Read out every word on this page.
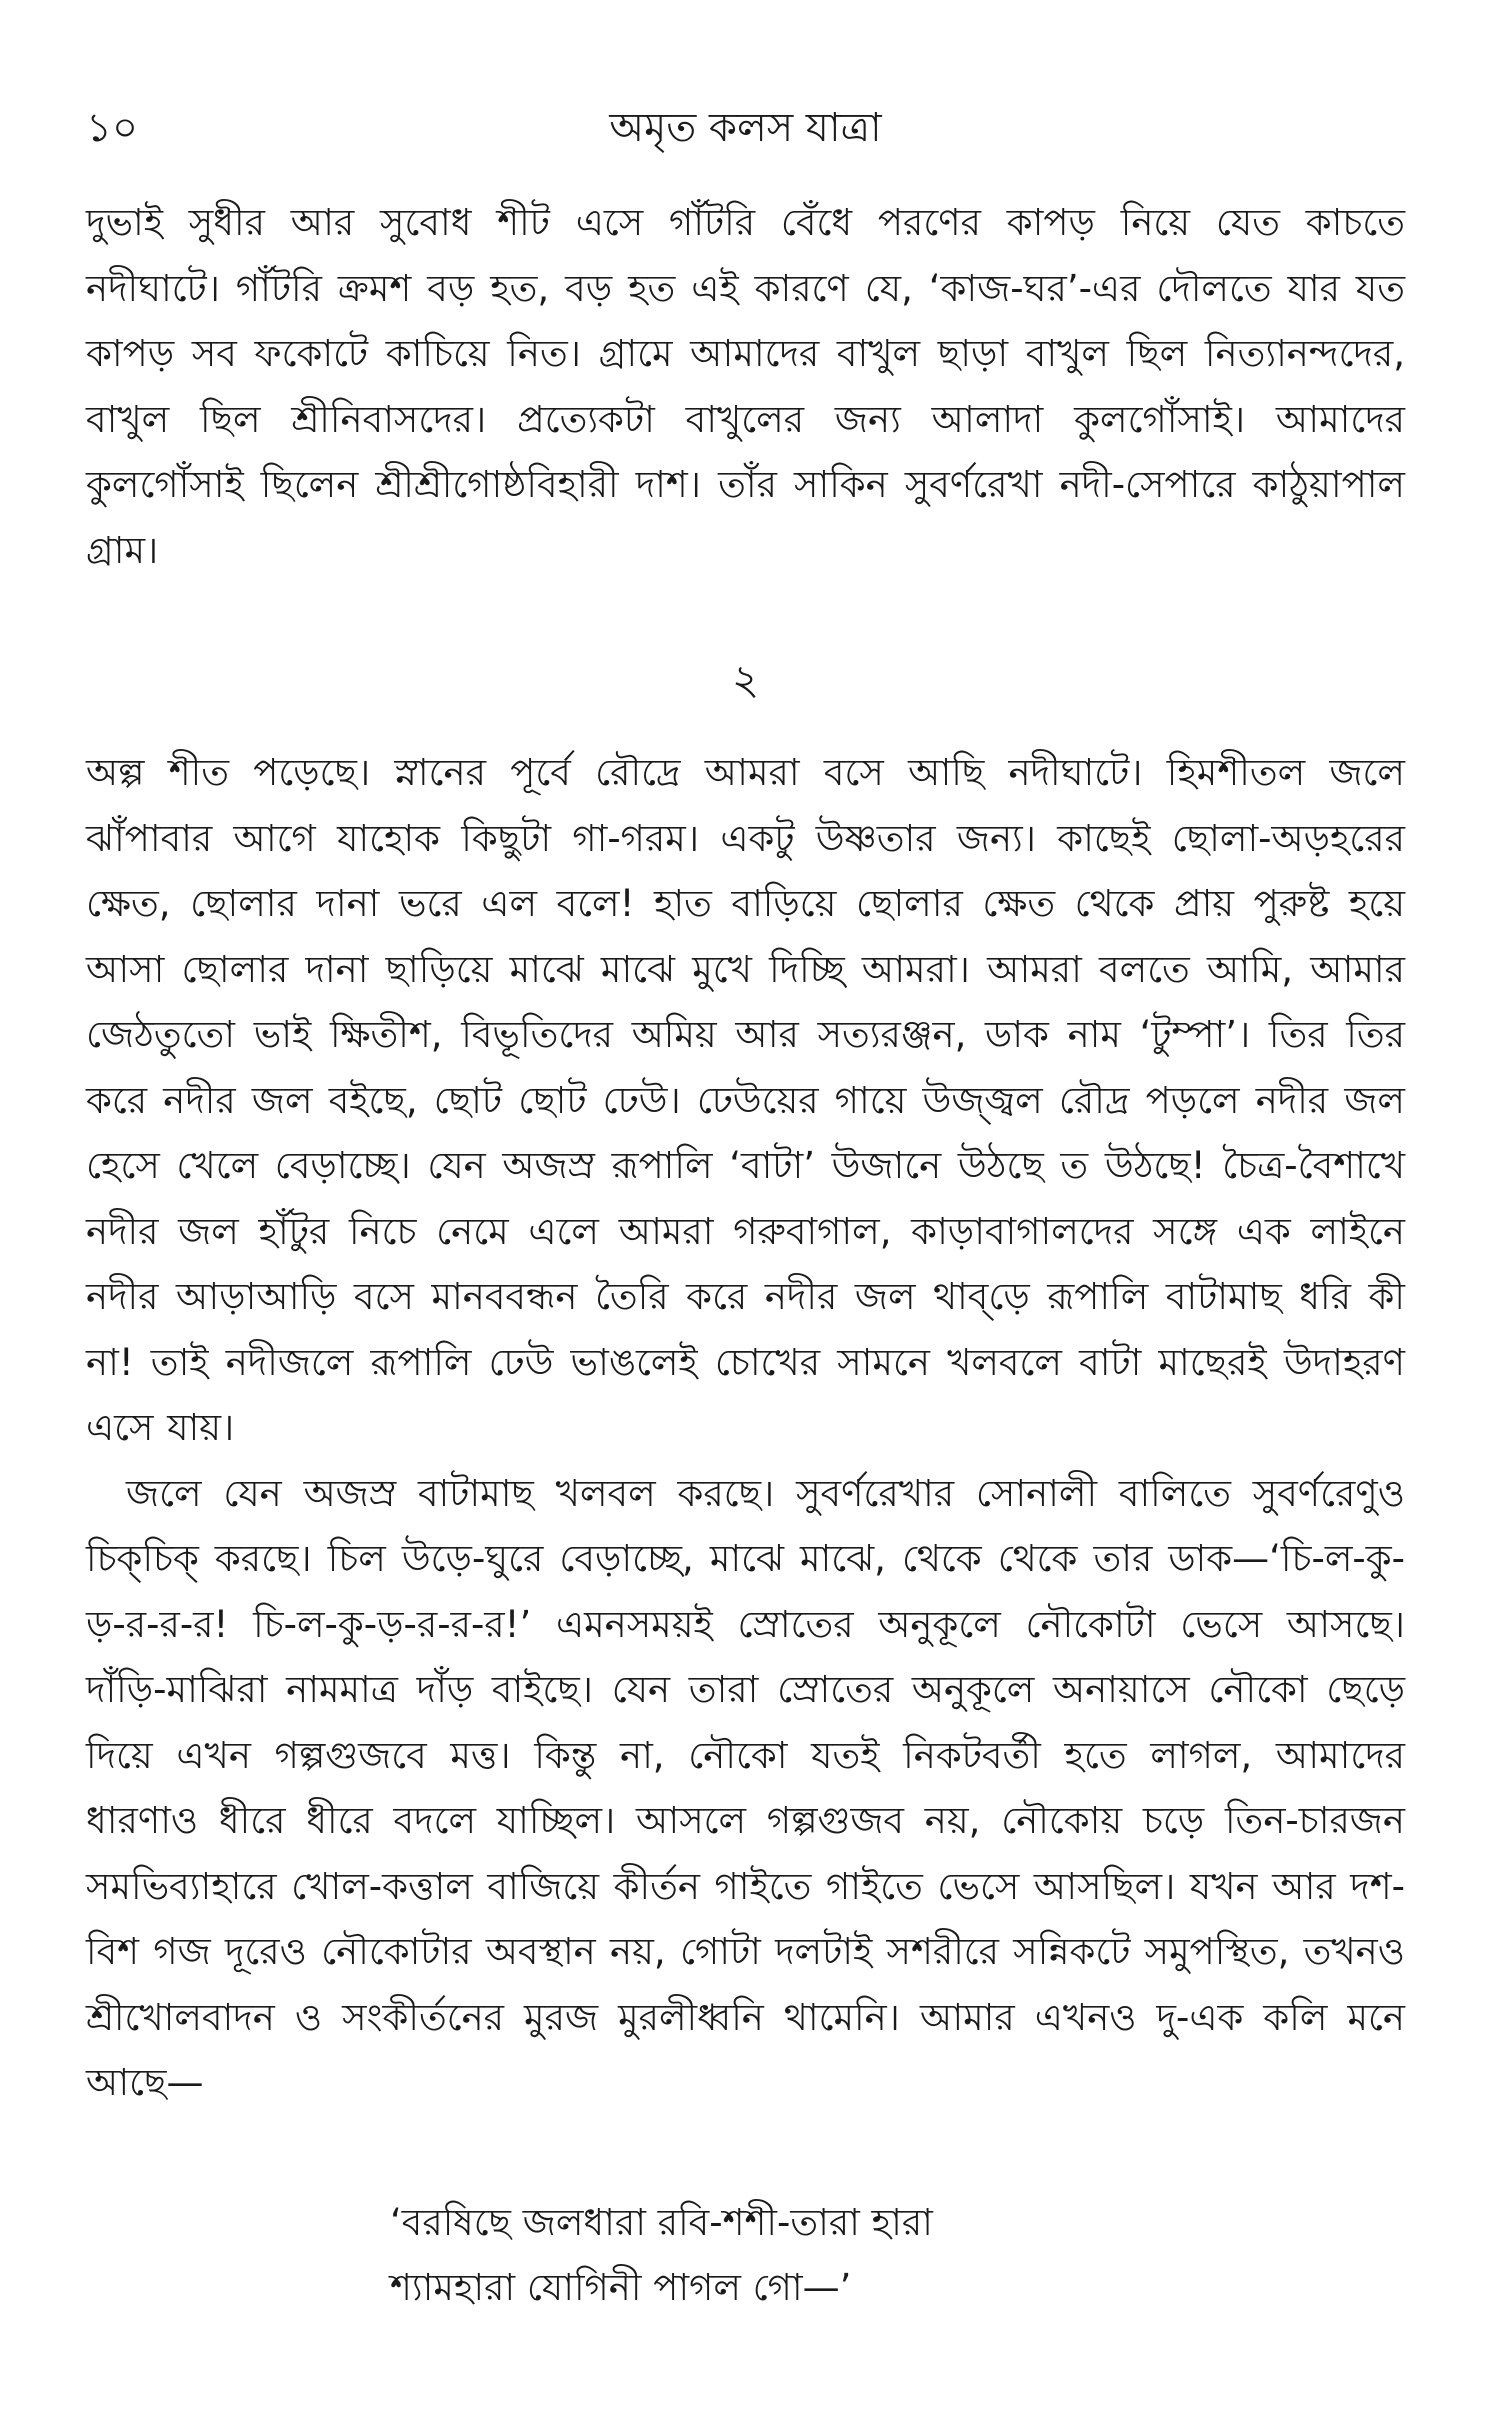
১০	অমৃত কলস যাত্রা

দুভাই সুধীর আর সুবোধ শীট এসে গাঁটরি বেঁধে পরণের কাপড় নিয়ে যেত কাচতে নদীঘাটে। গাঁটরি ক্রমশ বড় হত, বড় হত এই কারণে যে, ‘কাজ-ঘর’-এর দৌলতে যার যত কাপড় সব ফকোটে কাচিয়ে নিত। গ্রামে আমাদের বাখুল ছাড়া বাখুল ছিল নিত্যানন্দদের, বাখুল ছিল শ্রীনিবাসদের। প্রত্যেকটা বাখুলের জন্য আলাদা কুলগোঁসাই। আমাদের কুলগোঁসাই ছিলেন শ্রীশ্রীগোষ্ঠবিহারী দাশ। তাঁর সাকিন সুবর্ণরেখা নদী-সেপারে কাঠুয়াপাল গ্রাম।

২

অল্প শীত পড়েছে। স্নানের পূর্বে রৌদ্রে আমরা বসে আছি নদীঘাটে। হিমশীতল জলে ঝাঁপাবার আগে যাহোক কিছুটা গা-গরম। একটু উষ্ণতার জন্য। কাছেই ছোলা-অড়হরের ক্ষেত, ছোলার দানা ভরে এল বলে! হাত বাড়িয়ে ছোলার ক্ষেত থেকে প্রায় পুরুষ্ট হয়ে আসা ছোলার দানা ছাড়িয়ে মাঝে মাঝে মুখে দিচ্ছি আমরা। আমরা বলতে আমি, আমার জেঠতুতো ভাই ক্ষিতীশ, বিভূতিদের অমিয় আর সত্যরঞ্জন, ডাক নাম ‘টুম্পা’। তির তির করে নদীর জল বইছে, ছোট ছোট ঢেউ। ঢেউয়ের গায়ে উজ্জ্বল রৌদ্র পড়লে নদীর জল হেসে খেলে বেড়াচ্ছে। যেন অজস্র রূপালি ‘বাটা’ উজানে উঠছে ত উঠছে! চৈত্র-বৈশাখে নদীর জল হাঁটুর নিচে নেমে এলে আমরা গরুবাগাল, কাড়াবাগালদের সঙ্গে এক লাইনে নদীর আড়াআড়ি বসে মানববন্ধন তৈরি করে নদীর জল থাব্‌ড়ে রূপালি বাটামাছ ধরি কী না! তাই নদীজলে রূপালি ঢেউ ভাঙলেই চোখের সামনে খলবলে বাটা মাছেরই উদাহরণ এসে যায়।

জলে যেন অজস্র বাটামাছ খলবল করছে। সুবর্ণরেখার সোনালী বালিতে সুবর্ণরেণুও চিক্‌চিক্‌ করছে। চিল উড়ে-ঘুরে বেড়াচ্ছে, মাঝে মাঝে, থেকে থেকে তার ডাক—‘চি-ল-কু-ড়-র-র-র! চি-ল-কু-ড়-র-র-র!’ এমনসময়ই স্রোতের অনুকূলে নৌকোটা ভেসে আসছে। দাঁড়ি-মাঝিরা নামমাত্র দাঁড় বাইছে। যেন তারা স্রোতের অনুকূলে অনায়াসে নৌকো ছেড়ে দিয়ে এখন গল্পগুজবে মত্ত। কিন্তু না, নৌকো যতই নিকটবর্তী হতে লাগল, আমাদের ধারণাও ধীরে ধীরে বদলে যাচ্ছিল। আসলে গল্পগুজব নয়, নৌকোয় চড়ে তিন-চারজন সমভিব্যাহারে খোল-কত্তাল বাজিয়ে কীর্তন গাইতে গাইতে ভেসে আসছিল। যখন আর দশ-বিশ গজ দূরেও নৌকোটার অবস্থান নয়, গোটা দলটাই সশরীরে সন্নিকটে সমুপস্থিত, তখনও শ্রীখোলবাদন ও সংকীর্তনের মুরজ মুরলীধ্বনি থামেনি। আমার এখনও দু-এক কলি মনে আছে—

‘বরষিছে জলধারা রবি-শশী-তারা হারা
শ্যামহারা যোগিনী পাগল গো—’
